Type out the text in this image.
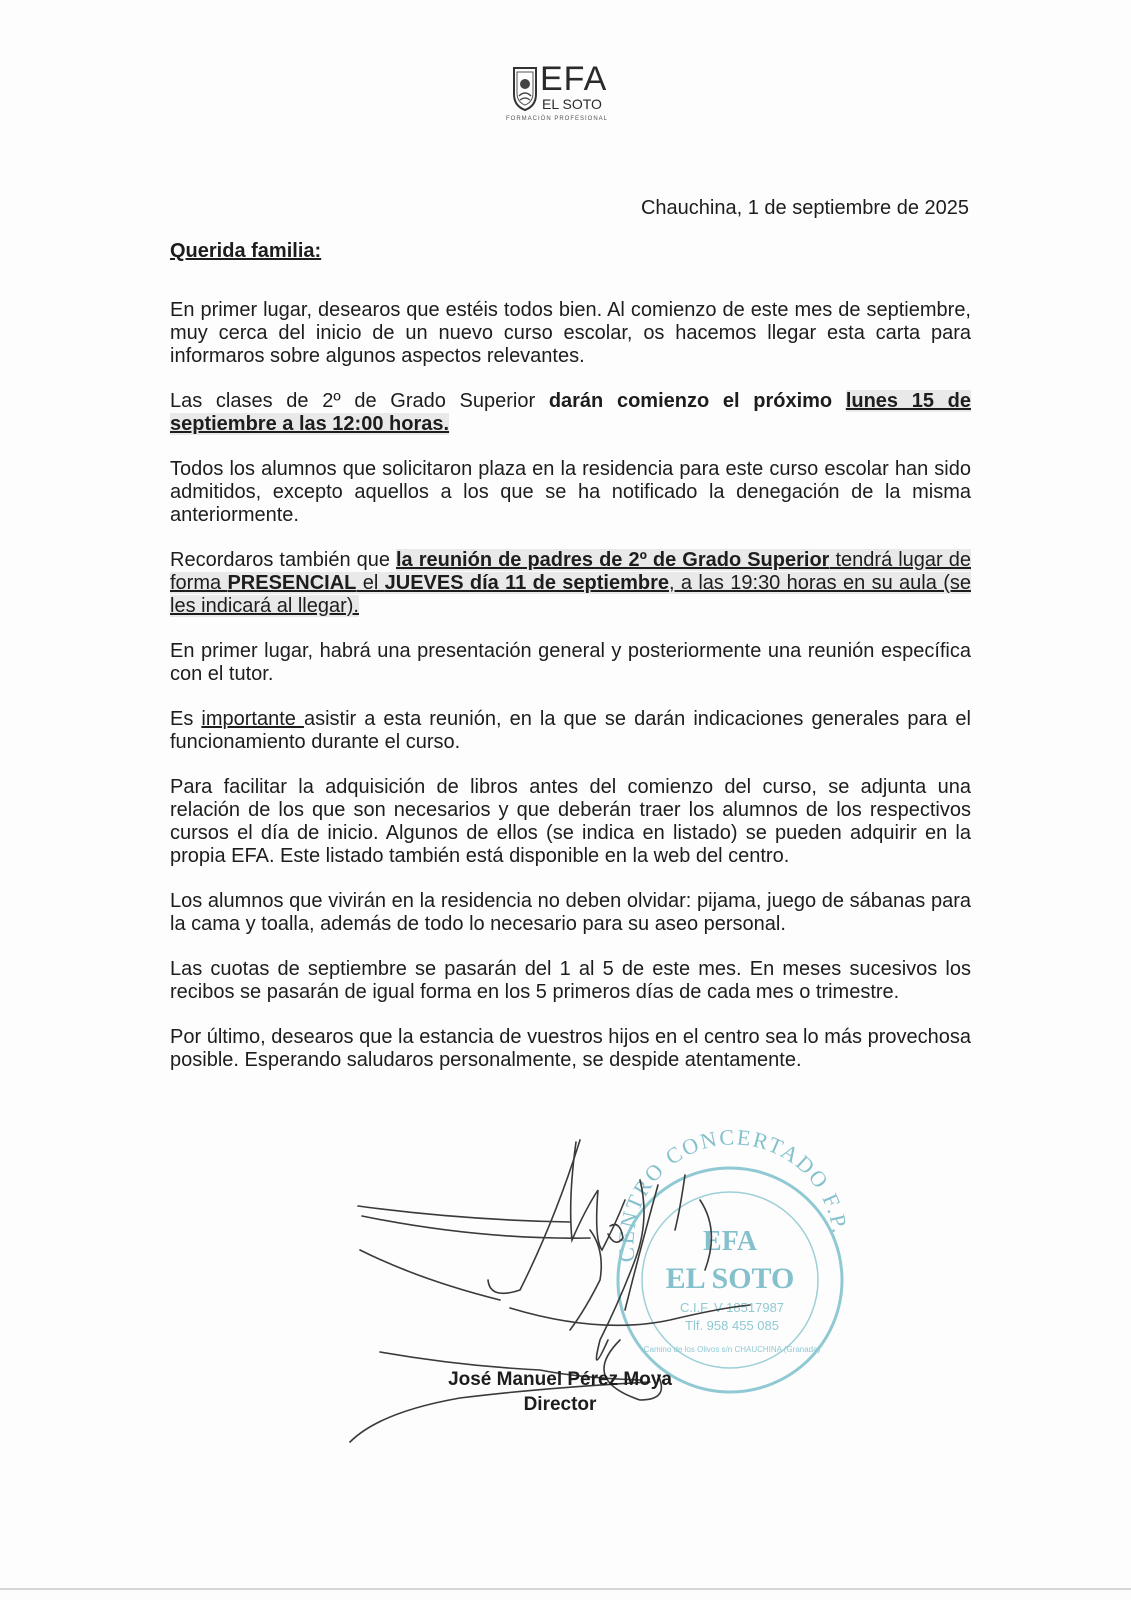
EFA
EL SOTO
FORMACIÓN PROFESIONAL
Chauchina, 1 de septiembre de 2025
Querida familia:

En primer lugar, desearos que estéis todos bien. Al comienzo de este mes de septiembre, muy cerca del inicio de un nuevo curso escolar, os hacemos llegar esta carta para informaros sobre algunos aspectos relevantes.

Las clases de 2º de Grado Superior darán comienzo el próximo lunes 15 de septiembre a las 12:00 horas.

Todos los alumnos que solicitaron plaza en la residencia para este curso escolar han sido admitidos, excepto aquellos a los que se ha notificado la denegación de la misma anteriormente.

Recordaros también que la reunión de padres de 2º de Grado Superior tendrá lugar de forma PRESENCIAL el JUEVES día 11 de septiembre, a las 19:30 horas en su aula (se les indicará al llegar).

En primer lugar, habrá una presentación general y posteriormente una reunión específica con el tutor.

Es importante asistir a esta reunión, en la que se darán indicaciones generales para el funcionamiento durante el curso.

Para facilitar la adquisición de libros antes del comienzo del curso, se adjunta una relación de los que son necesarios y que deberán traer los alumnos de los respectivos cursos el día de inicio. Algunos de ellos (se indica en listado) se pueden adquirir en la propia EFA. Este listado también está disponible en la web del centro.

Los alumnos que vivirán en la residencia no deben olvidar: pijama, juego de sábanas para la cama y toalla, además de todo lo necesario para su aseo personal.

Las cuotas de septiembre se pasarán del 1 al 5 de este mes. En meses sucesivos los recibos se pasarán de igual forma en los 5 primeros días de cada mes o trimestre.

Por último, desearos que la estancia de vuestros hijos en el centro sea lo más provechosa posible. Esperando saludaros personalmente, se despide atentamente.

CENTRO CONCERTADO F.P.
EFA
EL SOTO
C.I.F. V-18517987
Tlf. 958 455 085
Camino de los Olivos s/n CHAUCHINA (Granada)
José Manuel Pérez Moya
Director
